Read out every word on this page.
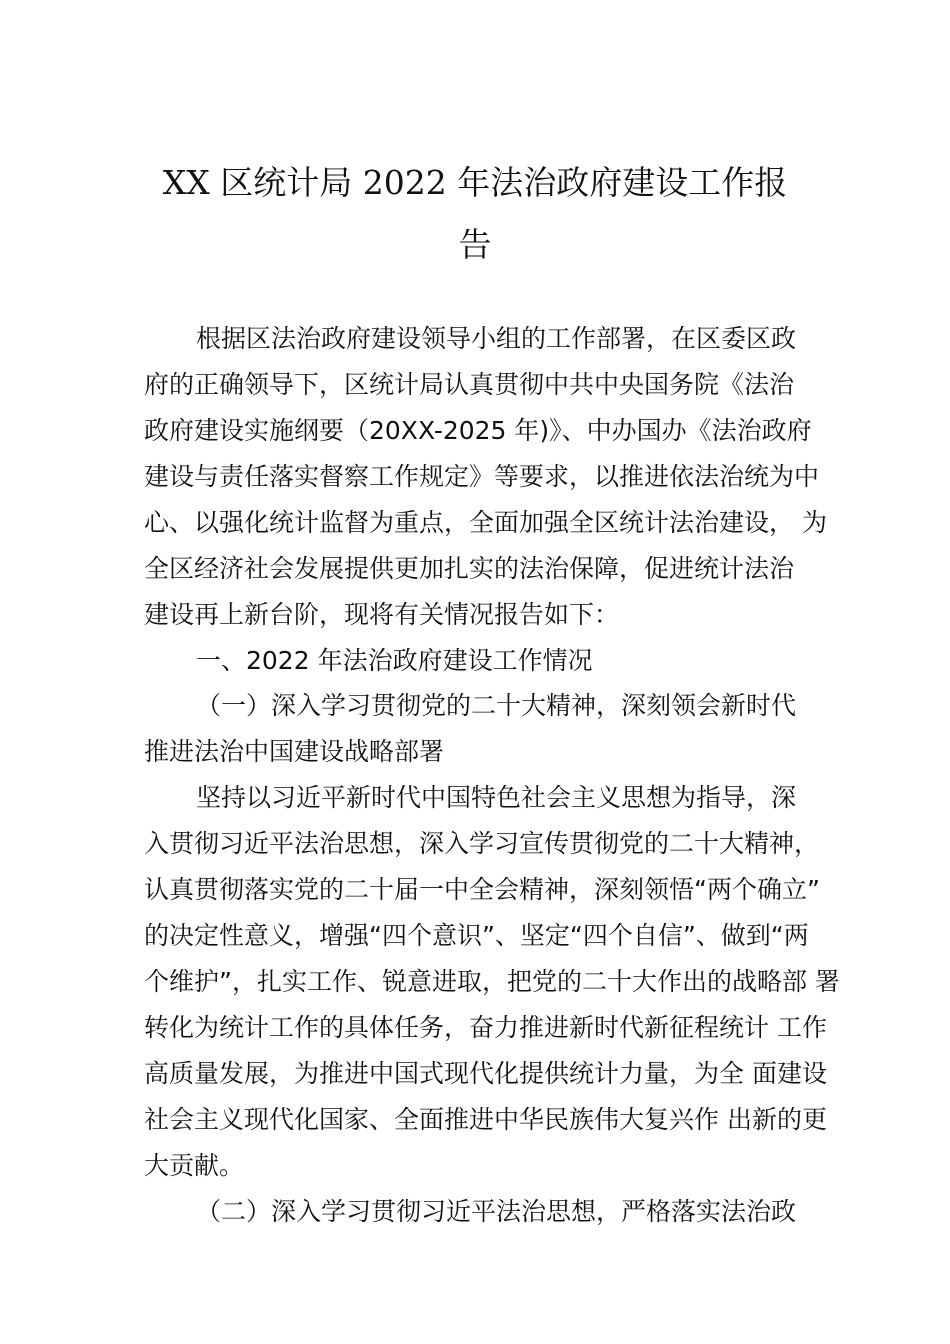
XX 区统计局 2022 年法治政府建设工作报
告
根据区法治政府建设领导小组的工作部署，在区委区政
府的正确领导下，区统计局认真贯彻中共中央国务院《法治
政府建设实施纲要（20XX-2025 年)》、中办国办《法治政府
建设与责任落实督察工作规定》等要求，以推进依法治统为中
心、以强化统计监督为重点，全面加强全区统计法治建设， 为
全区经济社会发展提供更加扎实的法治保障，促进统计法治
建设再上新台阶，现将有关情况报告如下：
一、2022 年法治政府建设工作情况
（一）深入学习贯彻党的二十大精神，深刻领会新时代
推进法治中国建设战略部署
坚持以习近平新时代中国特色社会主义思想为指导，深
入贯彻习近平法治思想，深入学习宣传贯彻党的二十大精神，
认真贯彻落实党的二十届一中全会精神，深刻领悟“两个确立”
的决定性意义，增强“四个意识”、坚定“四个自信”、做到“两
个维护”，扎实工作、锐意进取，把党的二十大作出的战略部 署
转化为统计工作的具体任务，奋力推进新时代新征程统计 工作
高质量发展，为推进中国式现代化提供统计力量，为全 面建设
社会主义现代化国家、全面推进中华民族伟大复兴作 出新的更
大贡献。
（二）深入学习贯彻习近平法治思想，严格落实法治政
